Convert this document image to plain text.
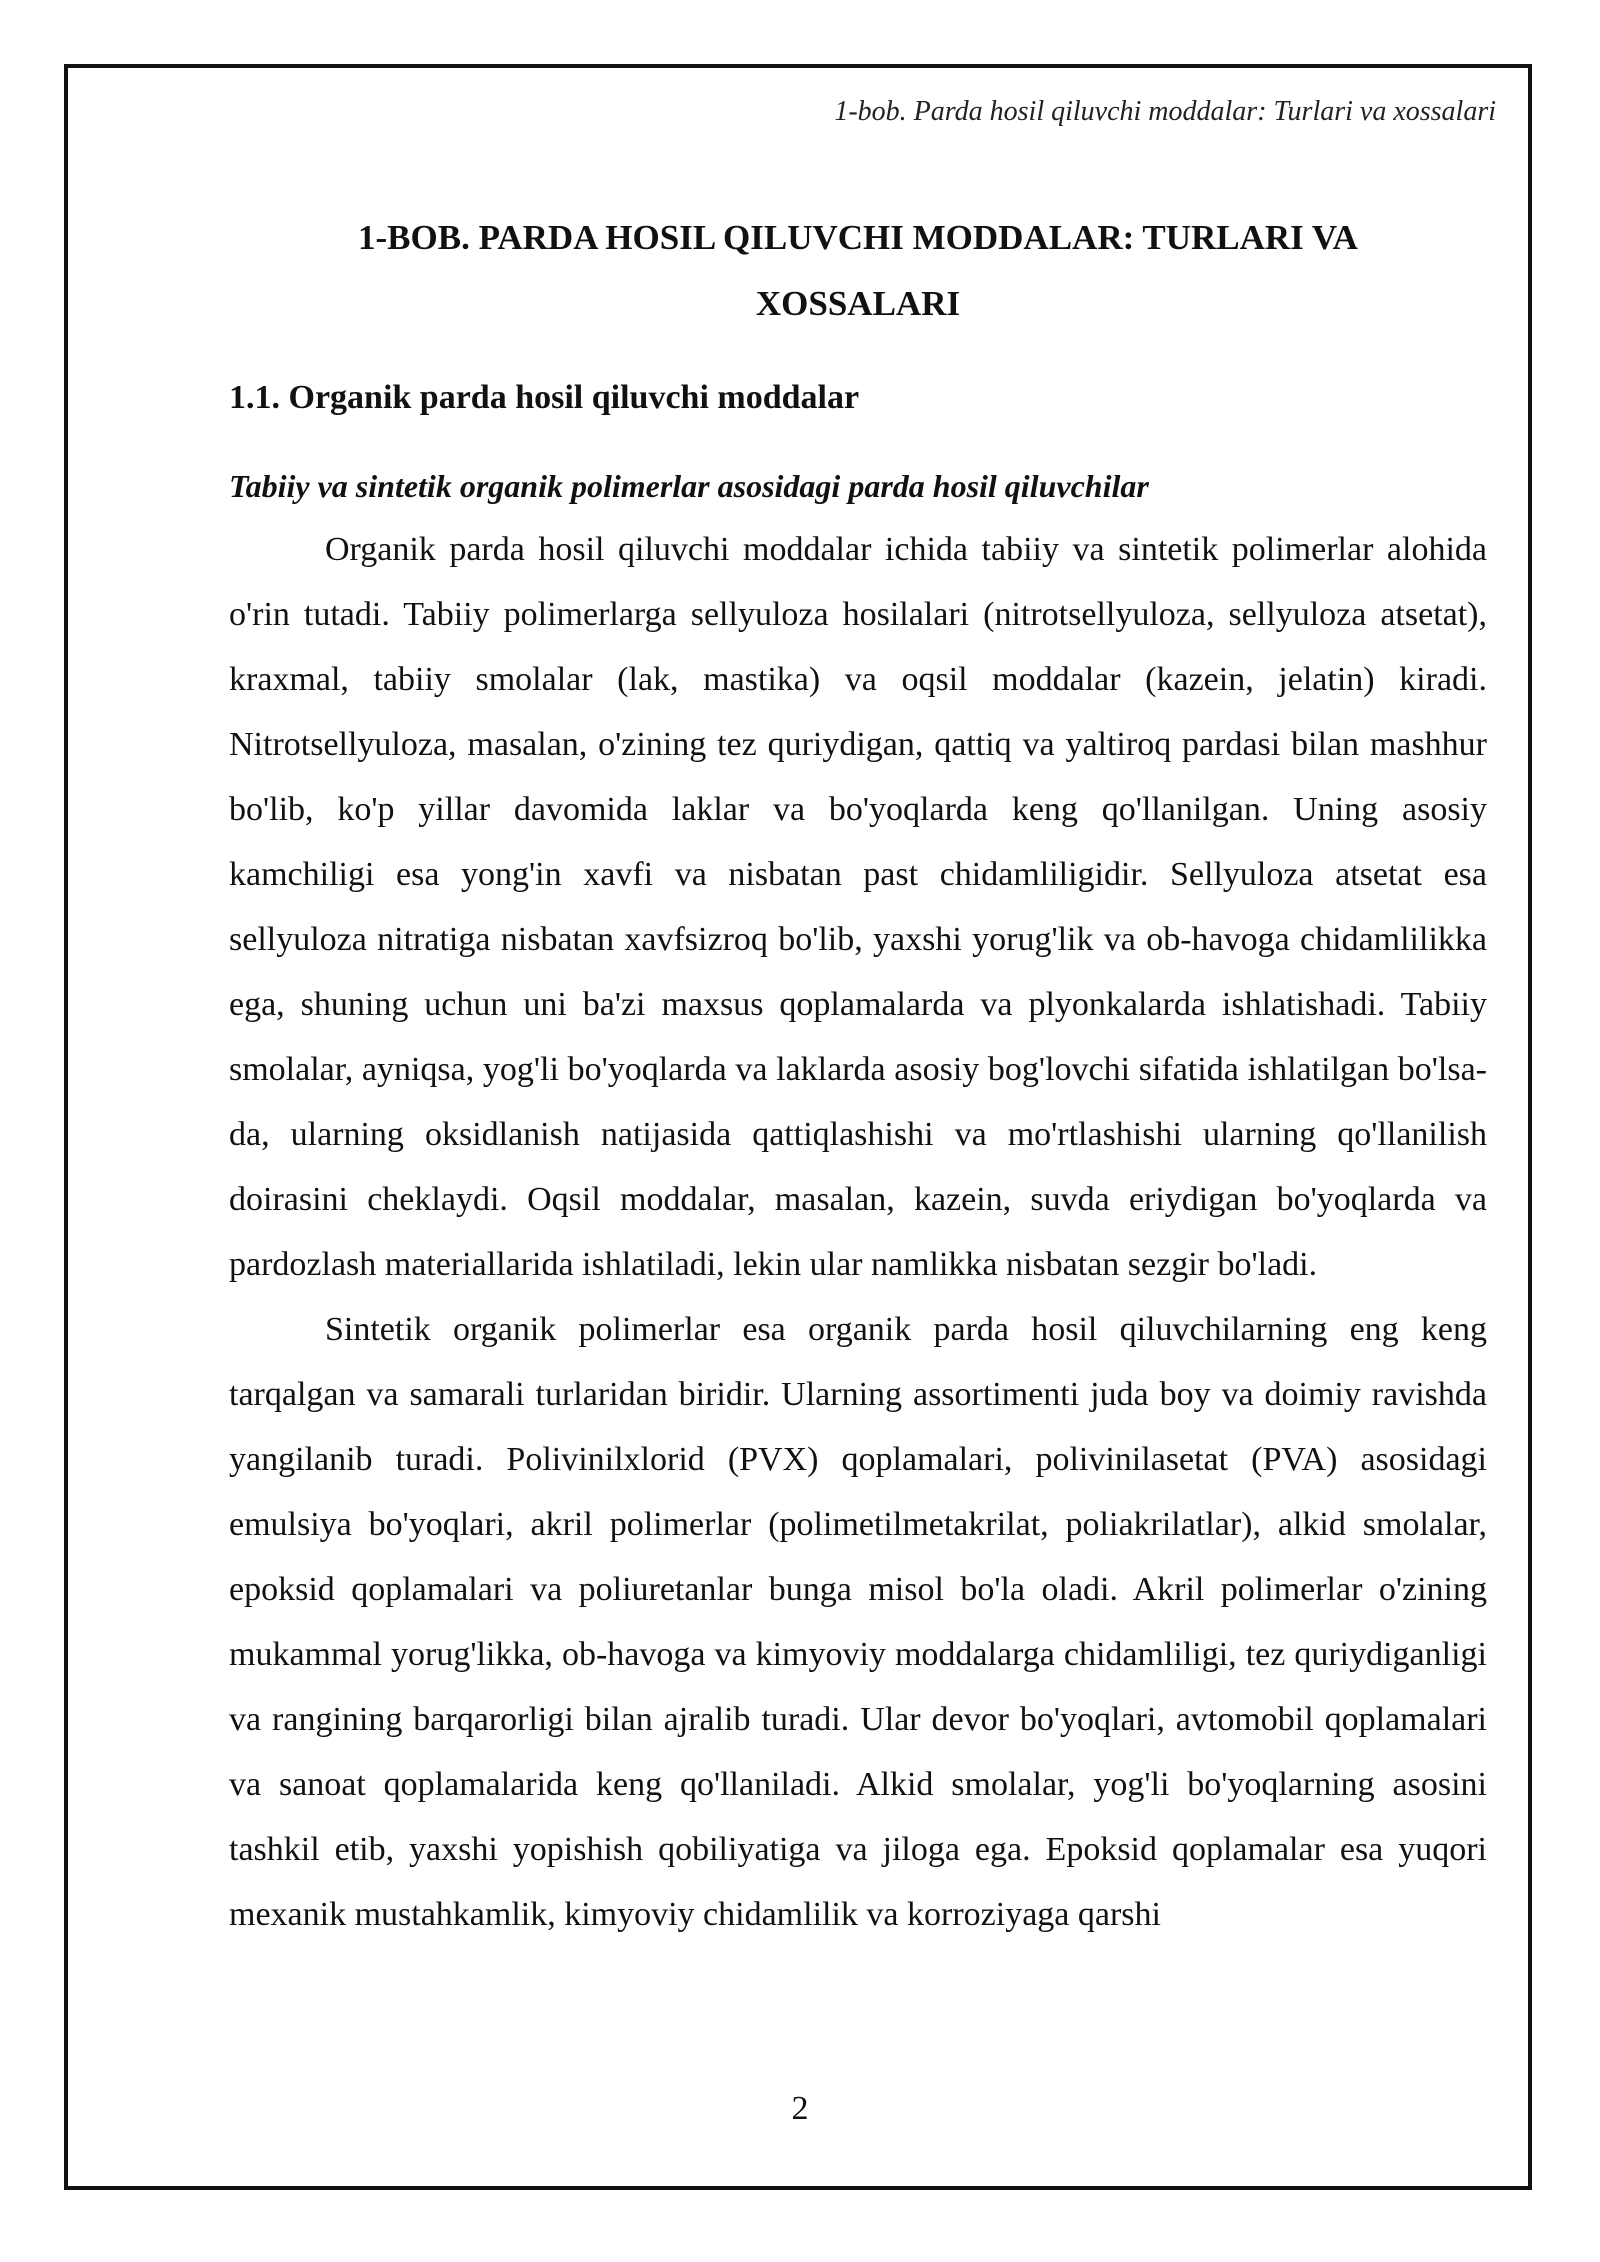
1-bob. Parda hosil qiluvchi moddalar: Turlari va xossalari
1-BOB. PARDA HOSIL QILUVCHI MODDALAR: TURLARI VA XOSSALARI
1.1. Organik parda hosil qiluvchi moddalar
Tabiiy va sintetik organik polimerlar asosidagi parda hosil qiluvchilar

Organik parda hosil qiluvchi moddalar ichida tabiiy va sintetik polimerlar alohida o'rin tutadi. Tabiiy polimerlarga sellyuloza hosilalari (nitrotsellyuloza, sellyuloza atsetat), kraxmal, tabiiy smolalar (lak, mastika) va oqsil moddalar (kazein, jelatin) kiradi. Nitrotsellyuloza, masalan, o'zining tez quriydigan, qattiq va yaltiroq pardasi bilan mashhur bo'lib, ko'p yillar davomida laklar va bo'yoqlarda keng qo'llanilgan. Uning asosiy kamchiligi esa yong'in xavfi va nisbatan past chidamliligidir. Sellyuloza atsetat esa sellyuloza nitratiga nisbatan xavfsizroq bo'lib, yaxshi yorug'lik va ob-havoga chidamlilikka ega, shuning uchun uni ba'zi maxsus qoplamalarda va plyonkalarda ishlatishadi. Tabiiy smolalar, ayniqsa, yog'li bo'yoqlarda va laklarda asosiy bog'lovchi sifatida ishlatilgan bo'lsa-da, ularning oksidlanish natijasida qattiqlashishi va mo'rtlashishi ularning qo'llanilish doirasini cheklaydi. Oqsil moddalar, masalan, kazein, suvda eriydigan bo'yoqlarda va pardozlash materiallarida ishlatiladi, lekin ular namlikka nisbatan sezgir bo'ladi.

Sintetik organik polimerlar esa organik parda hosil qiluvchilarning eng keng tarqalgan va samarali turlaridan biridir. Ularning assortimenti juda boy va doimiy ravishda yangilanib turadi. Polivinilxlorid (PVX) qoplamalari, polivinilasetat (PVA) asosidagi emulsiya bo'yoqlari, akril polimerlar (polimetilmetakrilat, poliakrilatlar), alkid smolalar, epoksid qoplamalari va poliuretanlar bunga misol bo'la oladi. Akril polimerlar o'zining mukammal yorug'likka, ob-havoga va kimyoviy moddalarga chidamliligi, tez quriydiganligi va rangining barqarorligi bilan ajralib turadi. Ular devor bo'yoqlari, avtomobil qoplamalari va sanoat qoplamalarida keng qo'llaniladi. Alkid smolalar, yog'li bo'yoqlarning asosini tashkil etib, yaxshi yopishish qobiliyatiga va jiloga ega. Epoksid qoplamalar esa yuqori mexanik mustahkamlik, kimyoviy chidamlilik va korroziyaga qarshi

2
